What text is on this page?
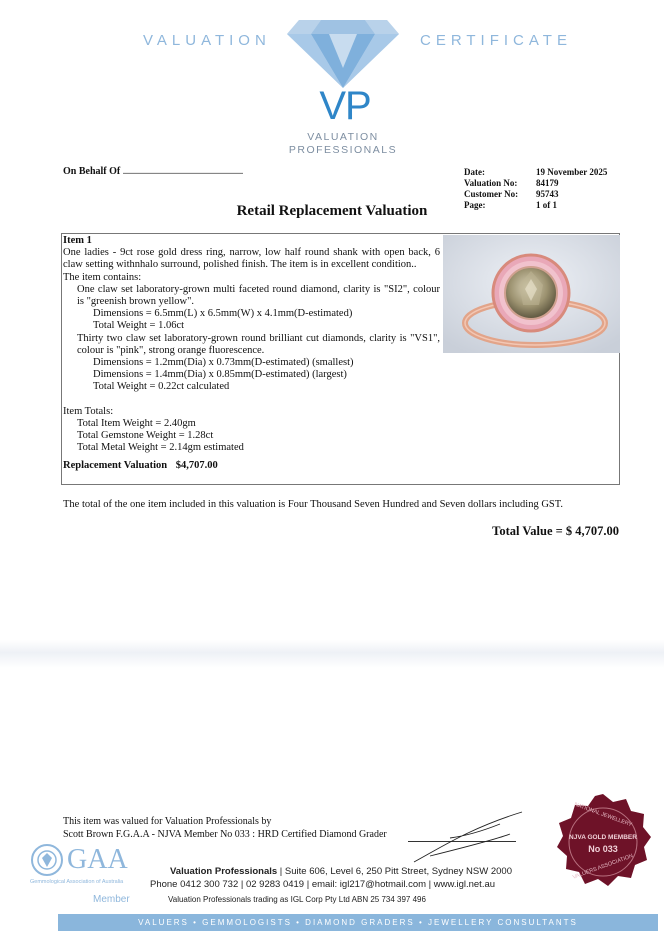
VALUATION	CERTIFICATE
VP
VALUATION
PROFESSIONALS
On Behalf Of ............................................................	Date:	19 November 2025
Valuation No:	84179
Customer No:	95743
Page:	1 of 1
Retail Replacement Valuation
Item 1
One ladies - 9ct rose gold dress ring, narrow, low half round shank with open back, 6 claw setting withnhalo surround, polished finish. The item is in excellent condition..
The item contains:
One claw set laboratory-grown multi faceted round diamond, clarity is "SI2", colour is "greenish brown yellow".
Dimensions = 6.5mm(L) x 6.5mm(W) x 4.1mm(D-estimated)
Total Weight = 1.06ct
Thirty two claw set laboratory-grown round brilliant cut diamonds, clarity is "VS1", colour is "pink", strong orange fluorescence.
Dimensions = 1.2mm(Dia) x 0.73mm(D-estimated) (smallest)
Dimensions = 1.4mm(Dia) x 0.85mm(D-estimated) (largest)
Total Weight = 0.22ct calculated
Item Totals:
Total Item Weight = 2.40gm
Total Gemstone Weight = 1.28ct
Total Metal Weight = 2.14gm estimated
Replacement Valuation $4,707.00
The total of the one item included in this valuation is Four Thousand Seven Hundred and Seven dollars including GST.
Total Value = $ 4,707.00
This item was valued for Valuation Professionals by
Scott Brown F.G.A.A - NJVA Member No 033 : HRD Certified Diamond Grader
GAA
Gemmological Association of Australia
Member
Valuation Professionals | Suite 606, Level 6, 250 Pitt Street, Sydney NSW 2000
Phone 0412 300 732 | 02 9283 0419 | email: igl217@hotmail.com | www.igl.net.au
Valuation Professionals trading as IGL Corp Pty Ltd ABN 25 734 397 496
NATIONAL JEWELLERY
NJVA GOLD MEMBER
No 033
VALUERS ASSOCIATION
VALUERS • GEMMOLOGISTS • DIAMOND GRADERS • JEWELLERY CONSULTANTS
